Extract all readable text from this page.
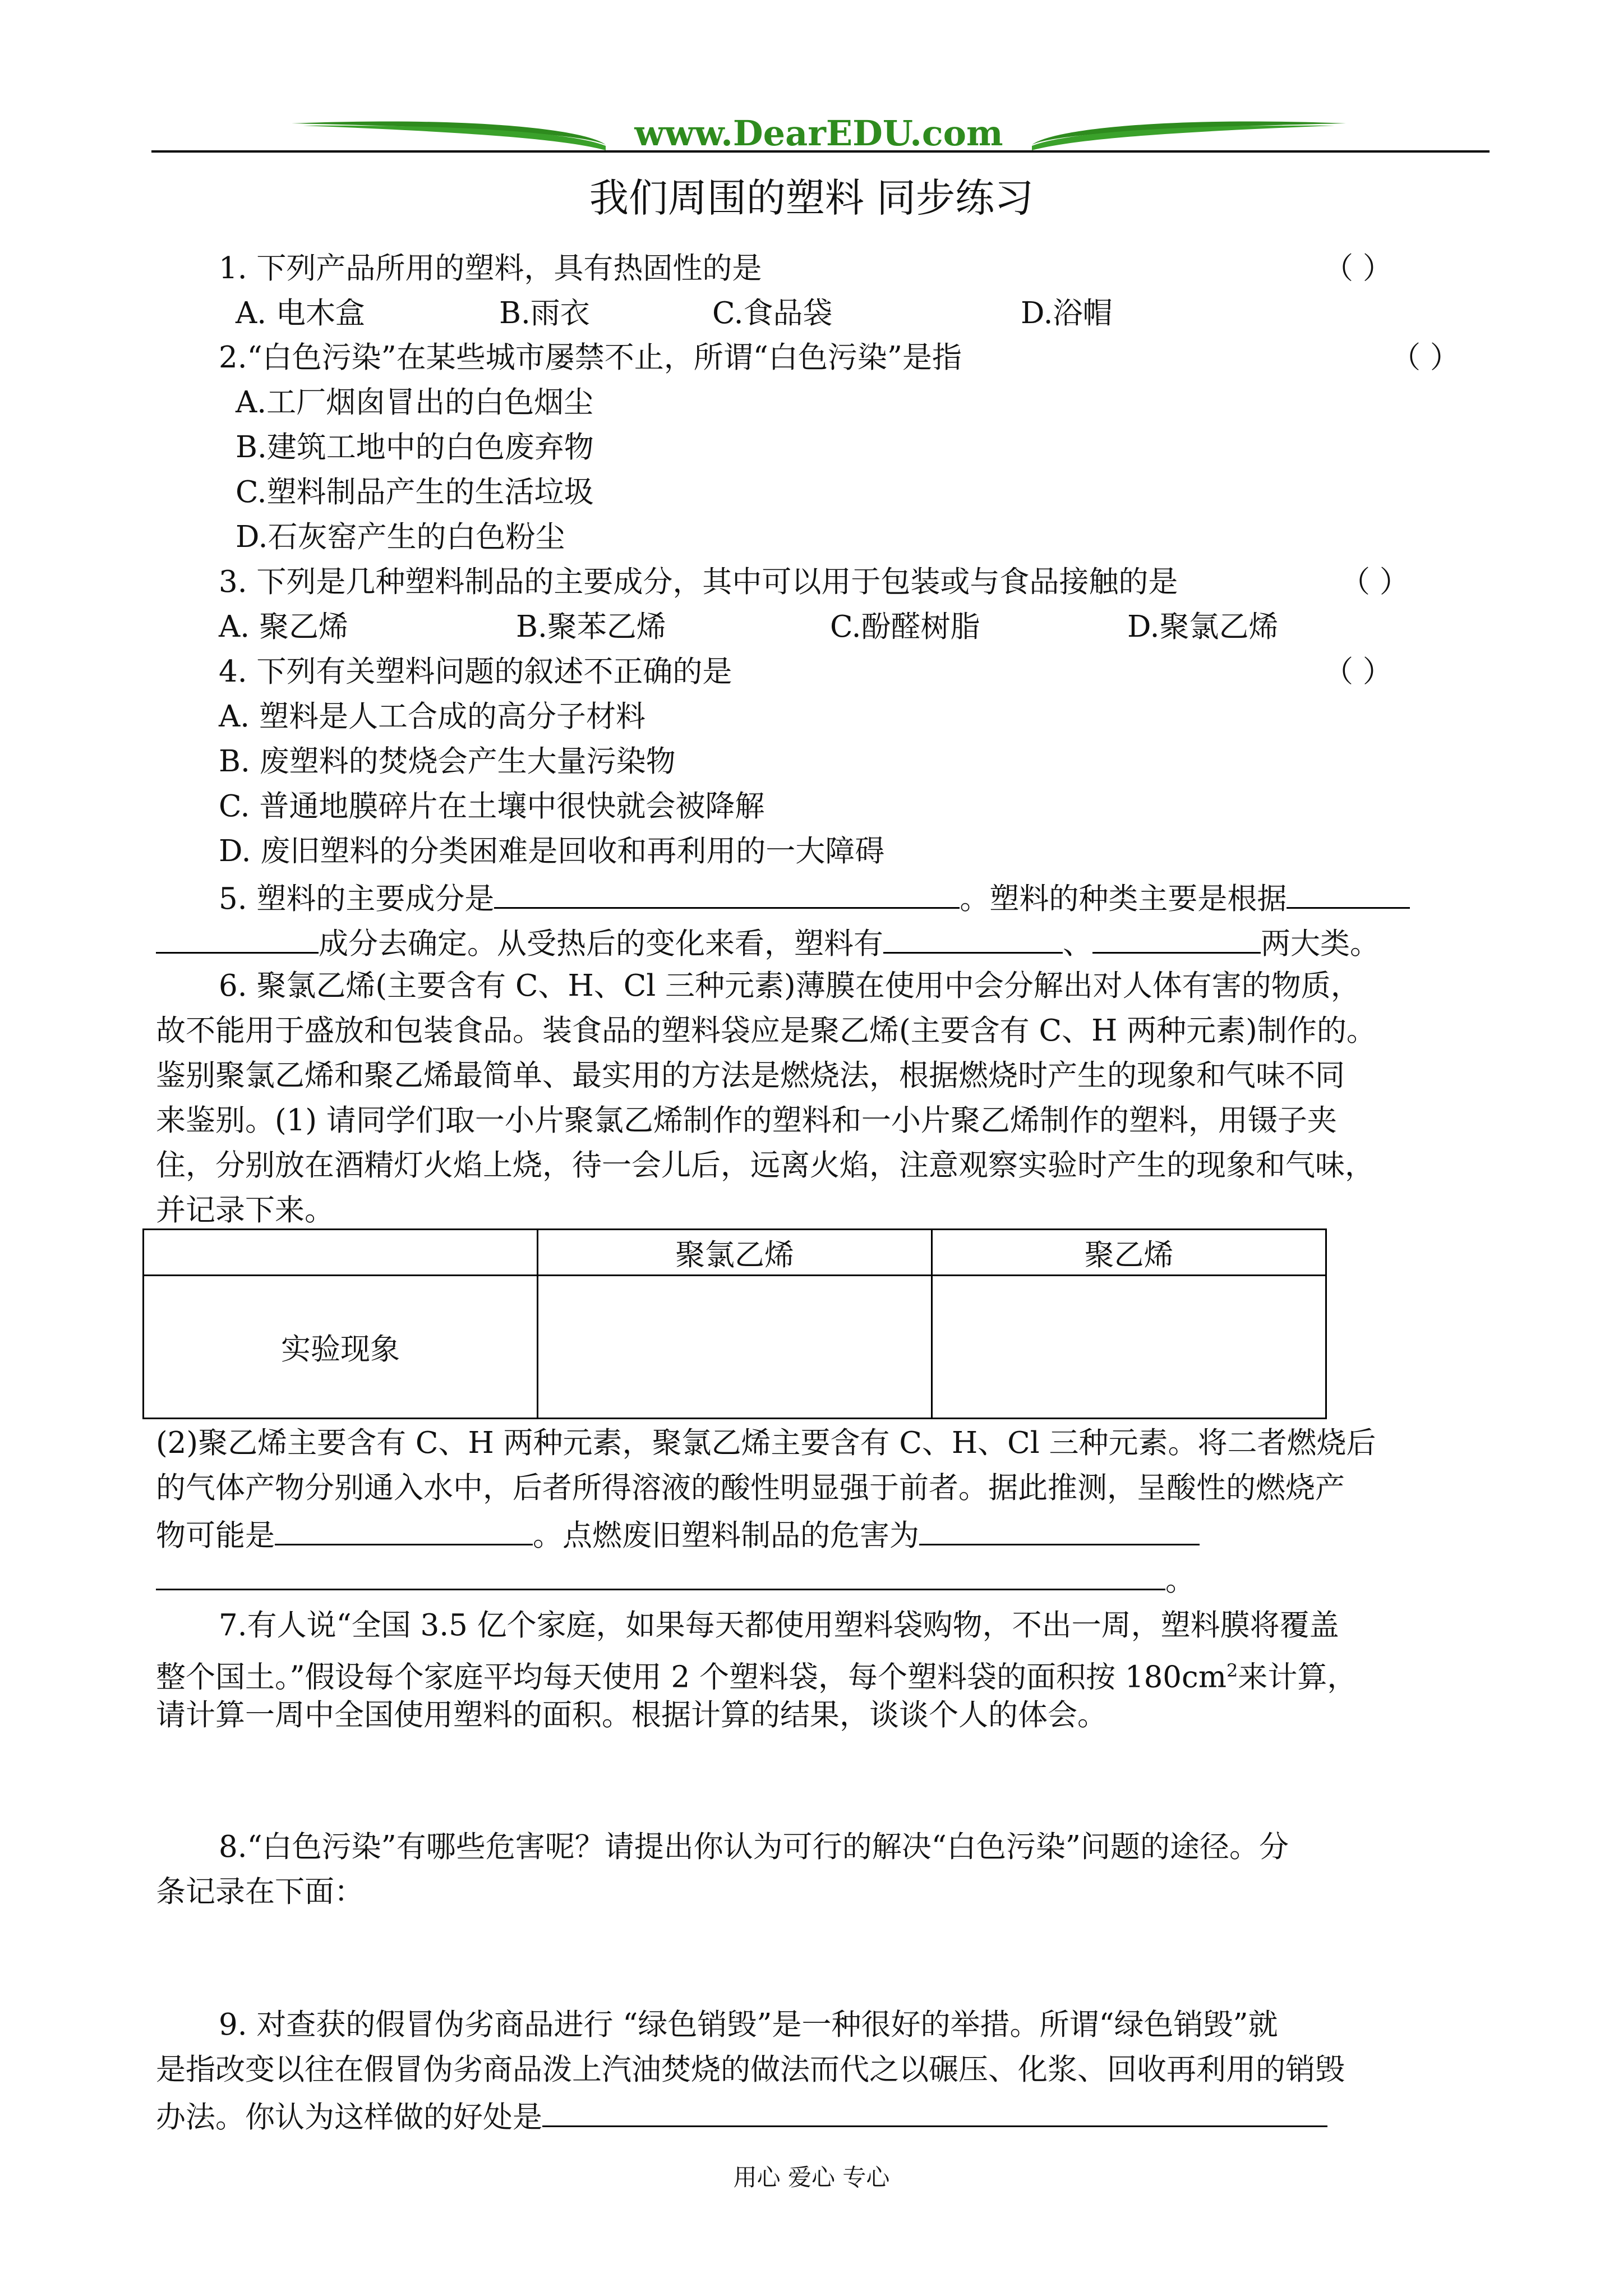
www.DearEDU.com
我们周围的塑料 同步练习
1. 下列产品所用的塑料，具有热固性的是	（ ）
A. 电木盒	B.雨衣	C.食品袋	D.浴帽
2.“白色污染”在某些城市屡禁不止，所谓“白色污染”是指	（ ）
A.工厂烟囱冒出的白色烟尘
B.建筑工地中的白色废弃物
C.塑料制品产生的生活垃圾
D.石灰窑产生的白色粉尘
3. 下列是几种塑料制品的主要成分，其中可以用于包装或与食品接触的是	（ ）
A. 聚乙烯	B.聚苯乙烯	C.酚醛树脂	D.聚氯乙烯
4. 下列有关塑料问题的叙述不正确的是	（ ）
A. 塑料是人工合成的高分子材料
B. 废塑料的焚烧会产生大量污染物
C. 普通地膜碎片在土壤中很快就会被降解
D. 废旧塑料的分类困难是回收和再利用的一大障碍
5. 塑料的主要成分是	。塑料的种类主要是根据
成分去确定。从受热后的变化来看，塑料有	、	两大类。
6. 聚氯乙烯(主要含有 C、H、Cl 三种元素)薄膜在使用中会分解出对人体有害的物质，
故不能用于盛放和包装食品。装食品的塑料袋应是聚乙烯(主要含有 C、H 两种元素)制作的。
鉴别聚氯乙烯和聚乙烯最简单、最实用的方法是燃烧法，根据燃烧时产生的现象和气味不同
来鉴别。(1) 请同学们取一小片聚氯乙烯制作的塑料和一小片聚乙烯制作的塑料，用镊子夹
住，分别放在酒精灯火焰上烧，待一会儿后，远离火焰，注意观察实验时产生的现象和气味，
并记录下来。
	聚氯乙烯	聚乙烯
实验现象		
(2)聚乙烯主要含有 C、H 两种元素，聚氯乙烯主要含有 C、H、Cl 三种元素。将二者燃烧后
的气体产物分别通入水中，后者所得溶液的酸性明显强于前者。据此推测，呈酸性的燃烧产
物可能是	。点燃废旧塑料制品的危害为
。
7.有人说“全国 3.5 亿个家庭，如果每天都使用塑料袋购物，不出一周，塑料膜将覆盖
整个国土。”假设每个家庭平均每天使用 2 个塑料袋，每个塑料袋的面积按 $180cm^2$来计算，
请计算一周中全国使用塑料的面积。根据计算的结果，谈谈个人的体会。
8.“白色污染”有哪些危害呢？请提出你认为可行的解决“白色污染”问题的途径。分
条记录在下面：
9. 对查获的假冒伪劣商品进行 “绿色销毁”是一种很好的举措。所谓“绿色销毁”就
是指改变以往在假冒伪劣商品泼上汽油焚烧的做法而代之以碾压、化浆、回收再利用的销毁
办法。你认为这样做的好处是
用心 爱心 专心
